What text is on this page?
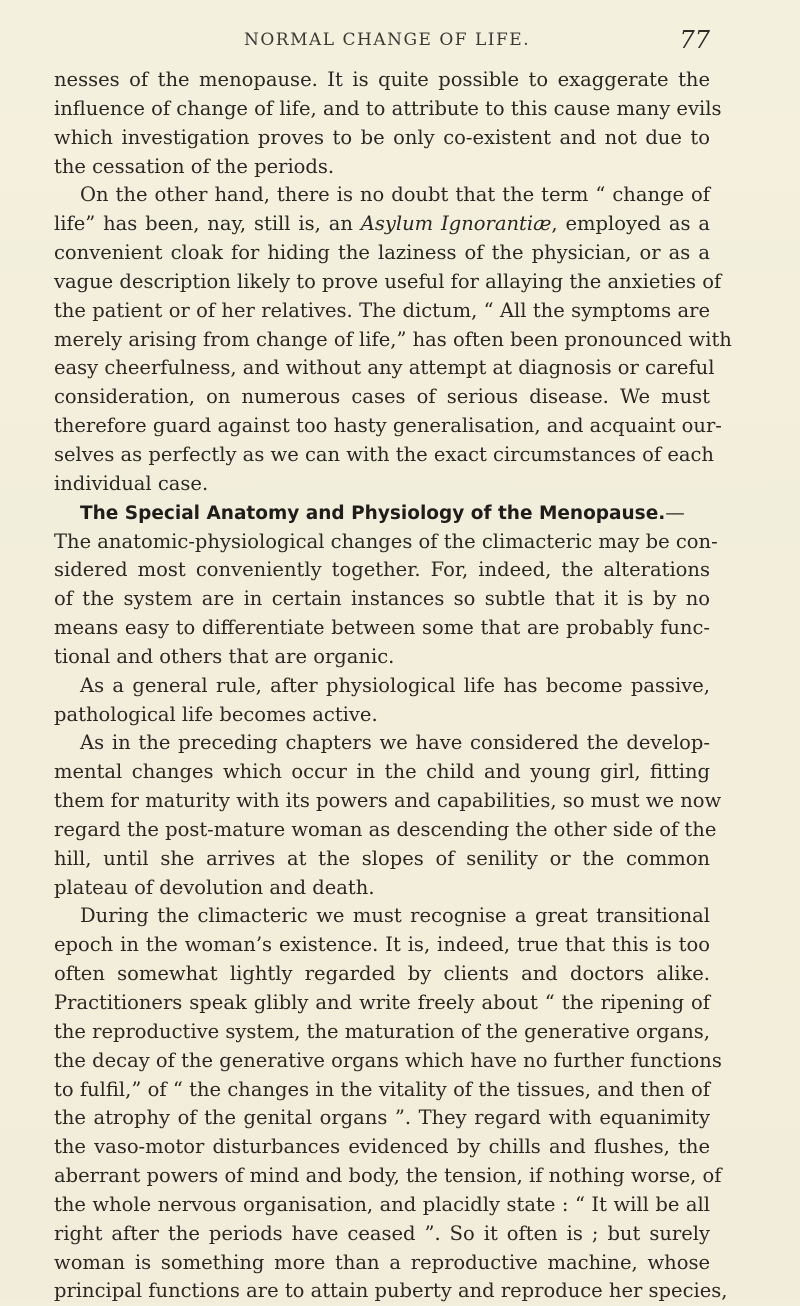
NORMAL CHANGE OF LIFE.	77
nesses of the menopause. It is quite possible to exaggerate the
influence of change of life, and to attribute to this cause many evils
which investigation proves to be only co-existent and not due to
the cessation of the periods.
On the other hand, there is no doubt that the term “ change of
life” has been, nay, still is, an Asylum Ignorantiæ, employed as a
convenient cloak for hiding the laziness of the physician, or as a
vague description likely to prove useful for allaying the anxieties of
the patient or of her relatives. The dictum, “ All the symptoms are
merely arising from change of life,” has often been pronounced with
easy cheerfulness, and without any attempt at diagnosis or careful
consideration, on numerous cases of serious disease. We must
therefore guard against too hasty generalisation, and acquaint our-
selves as perfectly as we can with the exact circumstances of each
individual case.
The Special Anatomy and Physiology of the Menopause.—
The anatomic-physiological changes of the climacteric may be con-
sidered most conveniently together. For, indeed, the alterations
of the system are in certain instances so subtle that it is by no
means easy to differentiate between some that are probably func-
tional and others that are organic.
As a general rule, after physiological life has become passive,
pathological life becomes active.
As in the preceding chapters we have considered the develop-
mental changes which occur in the child and young girl, fitting
them for maturity with its powers and capabilities, so must we now
regard the post-mature woman as descending the other side of the
hill, until she arrives at the slopes of senility or the common
plateau of devolution and death.
During the climacteric we must recognise a great transitional
epoch in the woman’s existence. It is, indeed, true that this is too
often somewhat lightly regarded by clients and doctors alike.
Practitioners speak glibly and write freely about “ the ripening of
the reproductive system, the maturation of the generative organs,
the decay of the generative organs which have no further functions
to fulfil,” of “ the changes in the vitality of the tissues, and then of
the atrophy of the genital organs ”. They regard with equanimity
the vaso-motor disturbances evidenced by chills and flushes, the
aberrant powers of mind and body, the tension, if nothing worse, of
the whole nervous organisation, and placidly state : “ It will be all
right after the periods have ceased ”. So it often is ; but surely
woman is something more than a reproductive machine, whose
principal functions are to attain puberty and reproduce her species,
